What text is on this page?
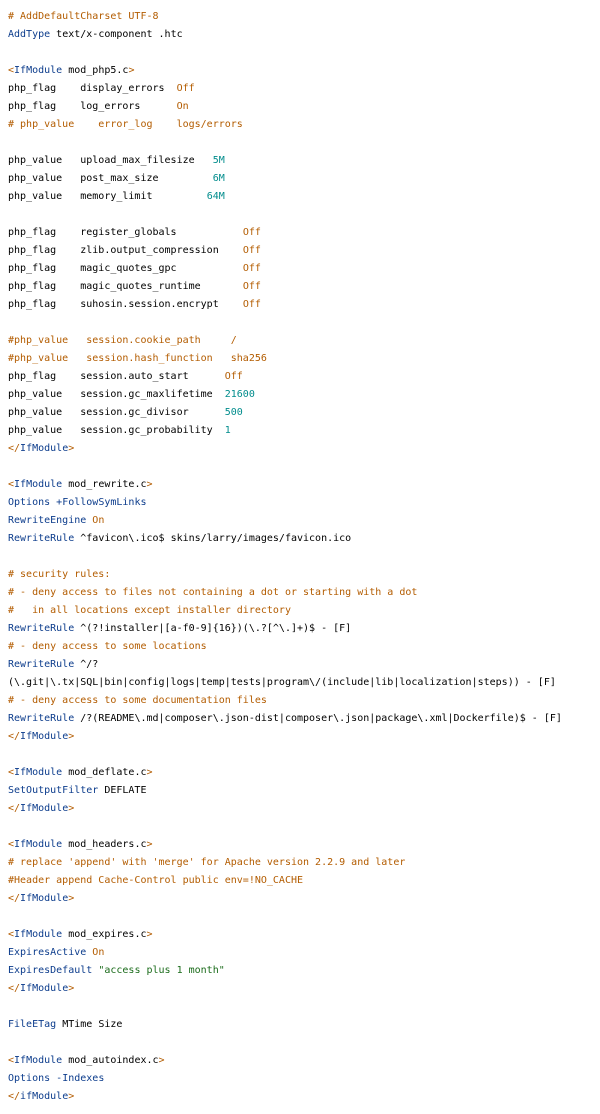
# AddDefaultCharset UTF-8
AddType text/x-component .htc
<IfModule mod_php5.c>
php_flag    display_errors  Off
php_flag    log_errors      On
# php_value    error_log    logs/errors
php_value   upload_max_filesize   5M
php_value   post_max_size         6M
php_value   memory_limit         64M
php_flag    register_globals           Off
php_flag    zlib.output_compression    Off
php_flag    magic_quotes_gpc           Off
php_flag    magic_quotes_runtime       Off
php_flag    suhosin.session.encrypt    Off
#php_value   session.cookie_path     /
#php_value   session.hash_function   sha256
php_flag    session.auto_start      Off
php_value   session.gc_maxlifetime  21600
php_value   session.gc_divisor      500
php_value   session.gc_probability  1
</IfModule>
<IfModule mod_rewrite.c>
Options +FollowSymLinks
RewriteEngine On
RewriteRule ^favicon\.ico$ skins/larry/images/favicon.ico
# security rules:
# - deny access to files not containing a dot or starting with a dot
#   in all locations except installer directory
RewriteRule ^(?!installer|[a-f0-9]{16})(\.?[^\.]+)$ - [F]
# - deny access to some locations
RewriteRule ^/?
(\.git|\.tx|SQL|bin|config|logs|temp|tests|program\/(include|lib|localization|steps)) - [F]
# - deny access to some documentation files
RewriteRule /?(README\.md|composer\.json-dist|composer\.json|package\.xml|Dockerfile)$ - [F]
</IfModule>
<IfModule mod_deflate.c>
SetOutputFilter DEFLATE
</IfModule>
<IfModule mod_headers.c>
# replace 'append' with 'merge' for Apache version 2.2.9 and later
#Header append Cache-Control public env=!NO_CACHE
</IfModule>
<IfModule mod_expires.c>
ExpiresActive On
ExpiresDefault "access plus 1 month"
</IfModule>
FileETag MTime Size
<IfModule mod_autoindex.c>
Options -Indexes
</ifModule>
